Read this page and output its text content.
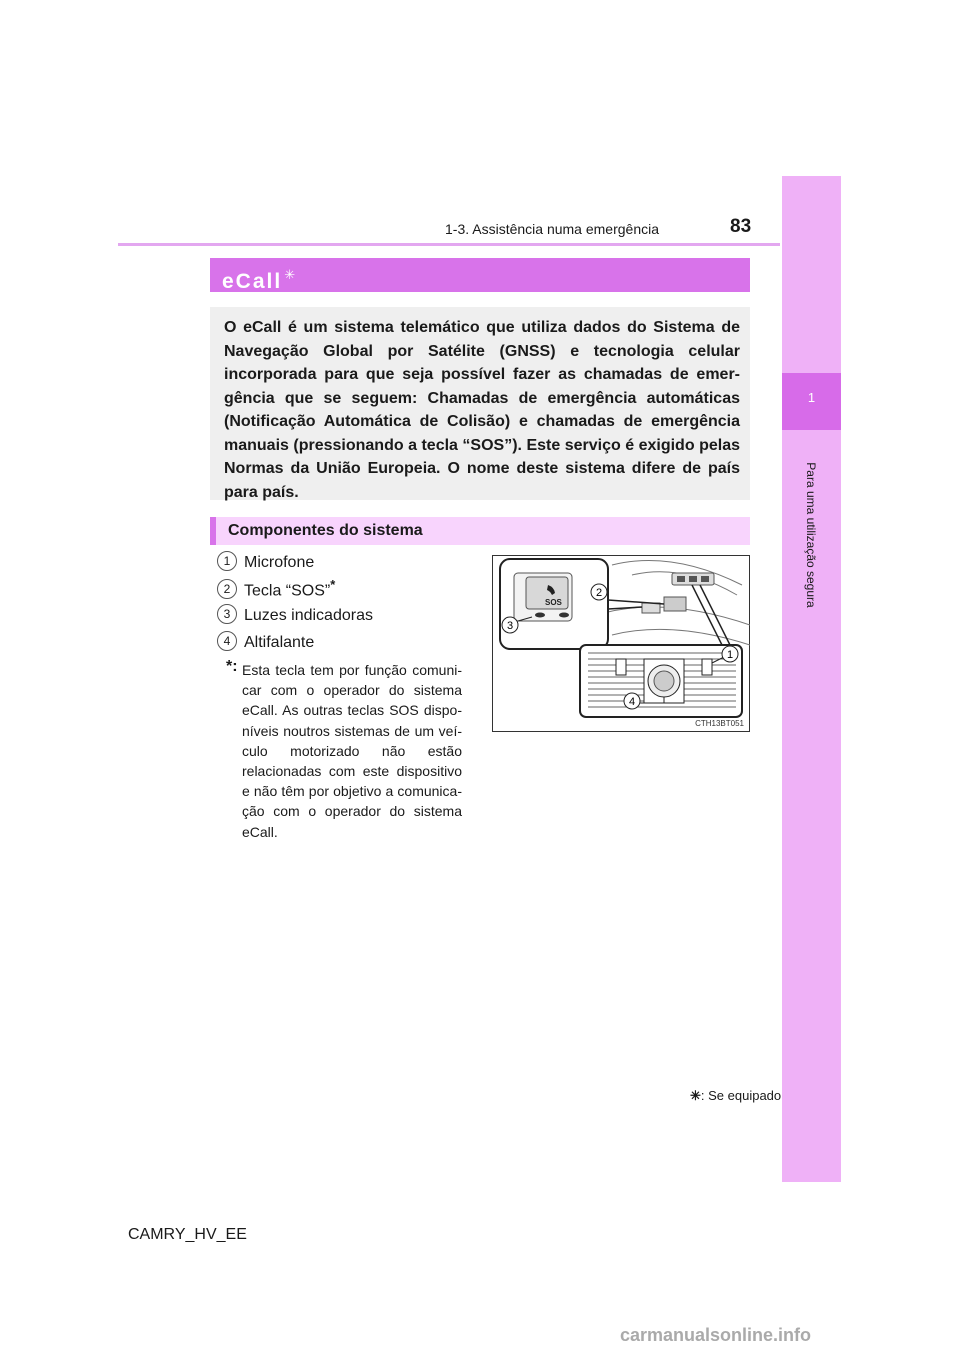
83
1-3. Assistência numa emergência
1
Para uma utilização segura
eCall ✳
O eCall é um sistema telemático que utiliza dados do Sistema de Navegação Global por Satélite (GNSS) e tecnologia celular incorporada para que seja possível fazer as chamadas de emer-gência que se seguem: Chamadas de emergência automáticas (Notificação Automática de Colisão) e chamadas de emergência manuais (pressionando a tecla “SOS”). Este serviço é exigido pelas Normas da União Europeia. O nome deste sistema difere de país para país.
Componentes do sistema
1 Microfone
2 Tecla “SOS”*
3 Luzes indicadoras
4 Altifalante
*: Esta tecla tem por função comuni-car com o operador do sistema eCall. As outras teclas SOS dispo-níveis noutros sistemas de um veí-culo motorizado não estão relacionadas com este dispositivo e não têm por objetivo a comunica-ção com o operador do sistema eCall.
SOS
2
3
1
4
CTH13BT051
✳: Se equipado
CAMRY_HV_EE
carmanualsonline.info
